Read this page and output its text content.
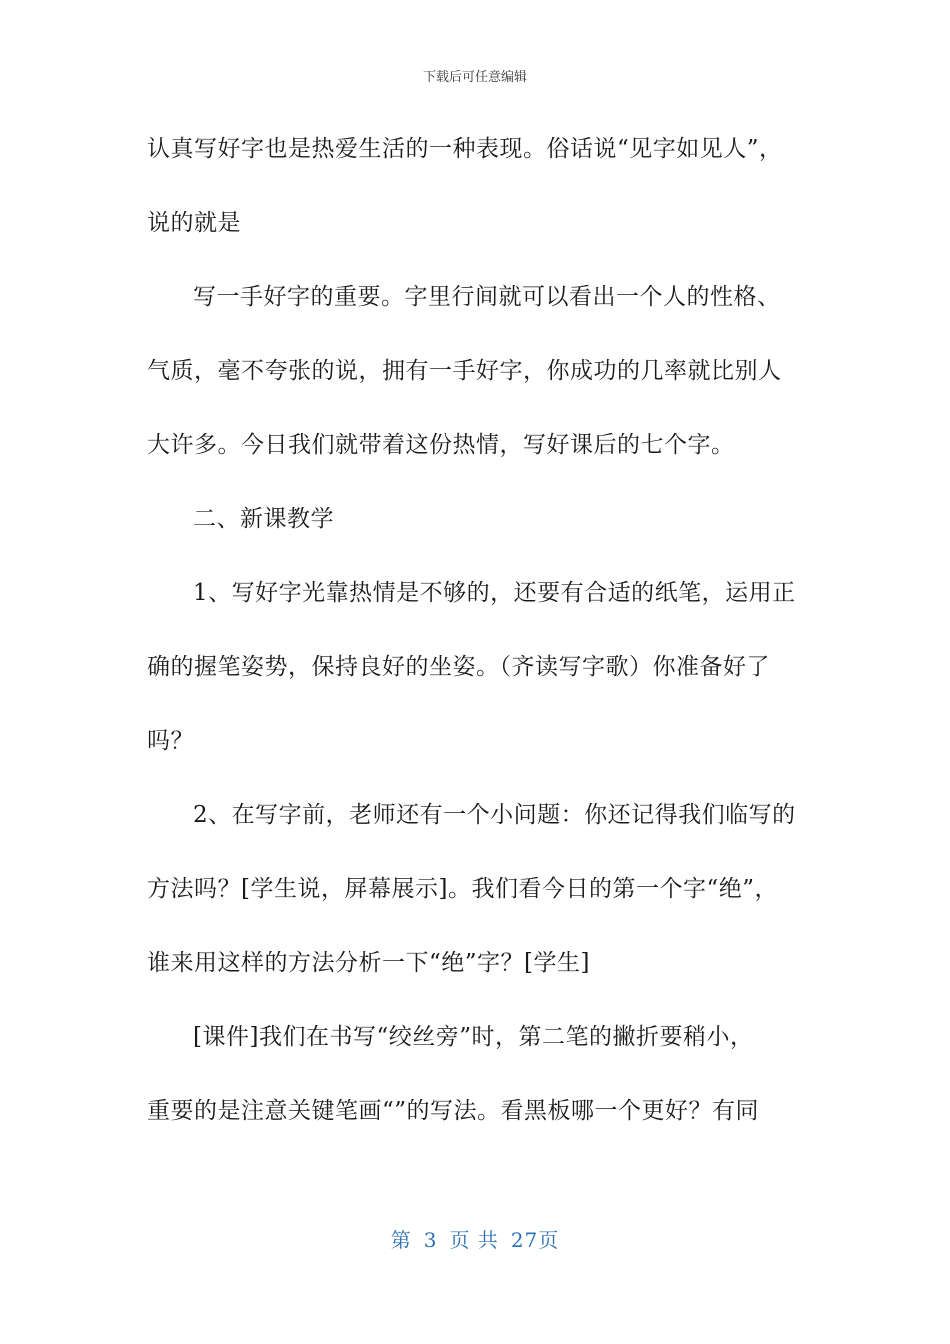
下载后可任意编辑
认真写好字也是热爱生活的一种表现。俗话说“见字如见人”，
说的就是
写一手好字的重要。字里行间就可以看出一个人的性格、
气质，毫不夸张的说，拥有一手好字，你成功的几率就比别人
大许多。今日我们就带着这份热情，写好课后的七个字。
二、新课教学
1、写好字光靠热情是不够的，还要有合适的纸笔，运用正
确的握笔姿势，保持良好的坐姿。（齐读写字歌）你准备好了
吗？
2、在写字前，老师还有一个小问题：你还记得我们临写的
方法吗？[学生说，屏幕展示]。我们看今日的第一个字“绝”，
谁来用这样的方法分析一下“绝”字？[学生]
[课件]我们在书写“绞丝旁”时，第二笔的撇折要稍小，
重要的是注意关键笔画“”的写法。看黑板哪一个更好？有同
第 3 页 共 27页
